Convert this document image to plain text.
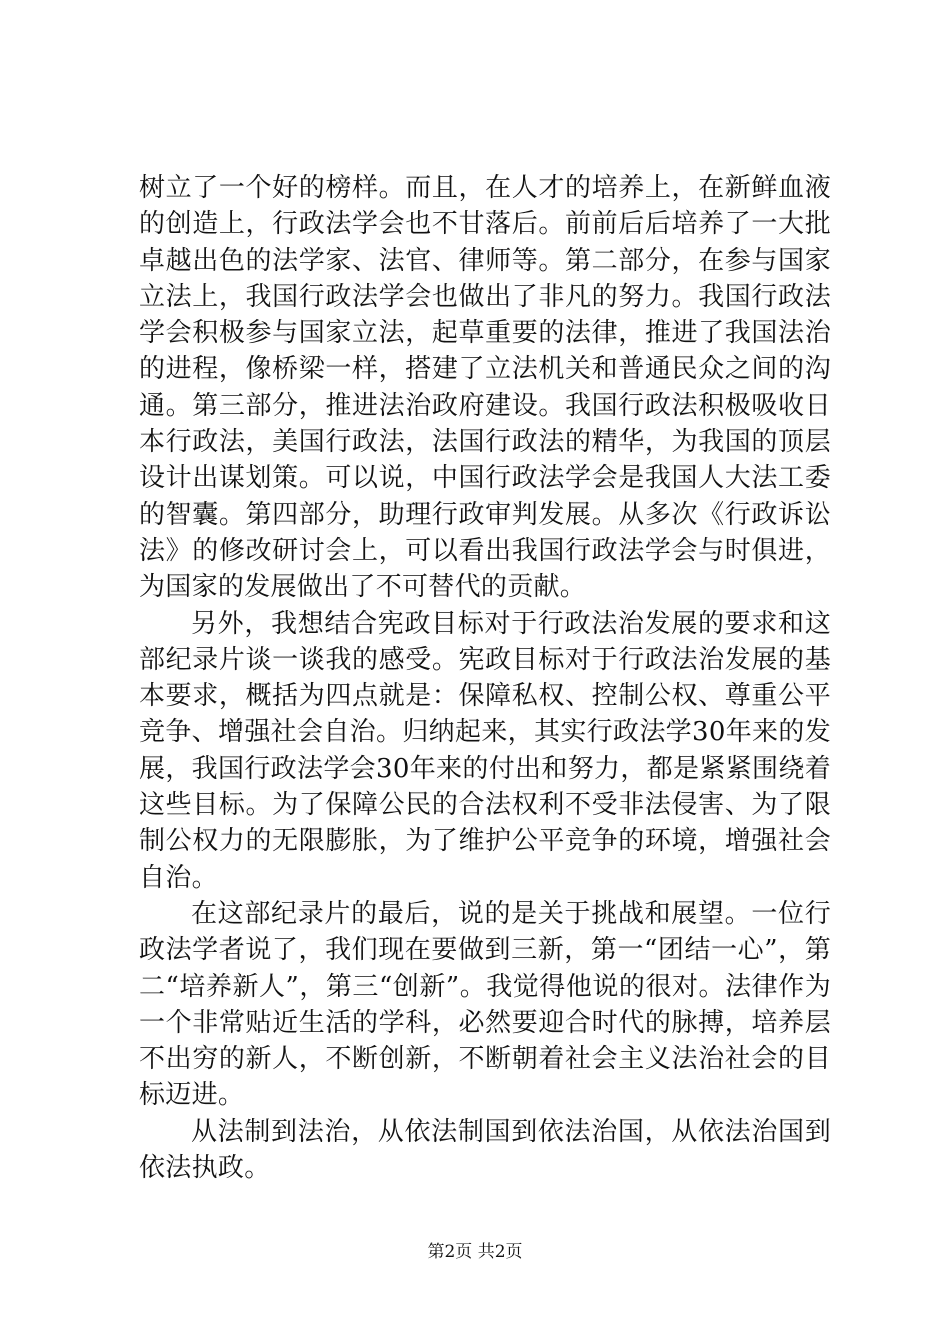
树立了一个好的榜样。而且，在人才的培养上，在新鲜血液的创造上，行政法学会也不甘落后。前前后后培养了一大批卓越出色的法学家、法官、律师等。第二部分，在参与国家立法上，我国行政法学会也做出了非凡的努力。我国行政法学会积极参与国家立法，起草重要的法律，推进了我国法治的进程，像桥梁一样，搭建了立法机关和普通民众之间的沟通。第三部分，推进法治政府建设。我国行政法积极吸收日本行政法，美国行政法，法国行政法的精华，为我国的顶层设计出谋划策。可以说，中国行政法学会是我国人大法工委的智囊。第四部分，助理行政审判发展。从多次《行政诉讼法》的修改研讨会上，可以看出我国行政法学会与时俱进，为国家的发展做出了不可替代的贡献。

另外，我想结合宪政目标对于行政法治发展的要求和这部纪录片谈一谈我的感受。宪政目标对于行政法治发展的基本要求，概括为四点就是：保障私权、控制公权、尊重公平竞争、增强社会自治。归纳起来，其实行政法学30年来的发展，我国行政法学会30年来的付出和努力，都是紧紧围绕着这些目标。为了保障公民的合法权利不受非法侵害、为了限制公权力的无限膨胀，为了维护公平竞争的环境，增强社会自治。

在这部纪录片的最后，说的是关于挑战和展望。一位行政法学者说了，我们现在要做到三新，第一“团结一心”，第二“培养新人”，第三“创新”。我觉得他说的很对。法律作为一个非常贴近生活的学科，必然要迎合时代的脉搏，培养层不出穷的新人，不断创新，不断朝着社会主义法治社会的目标迈进。

从法制到法治，从依法制国到依法治国，从依法治国到依法执政。

第2页 共2页
